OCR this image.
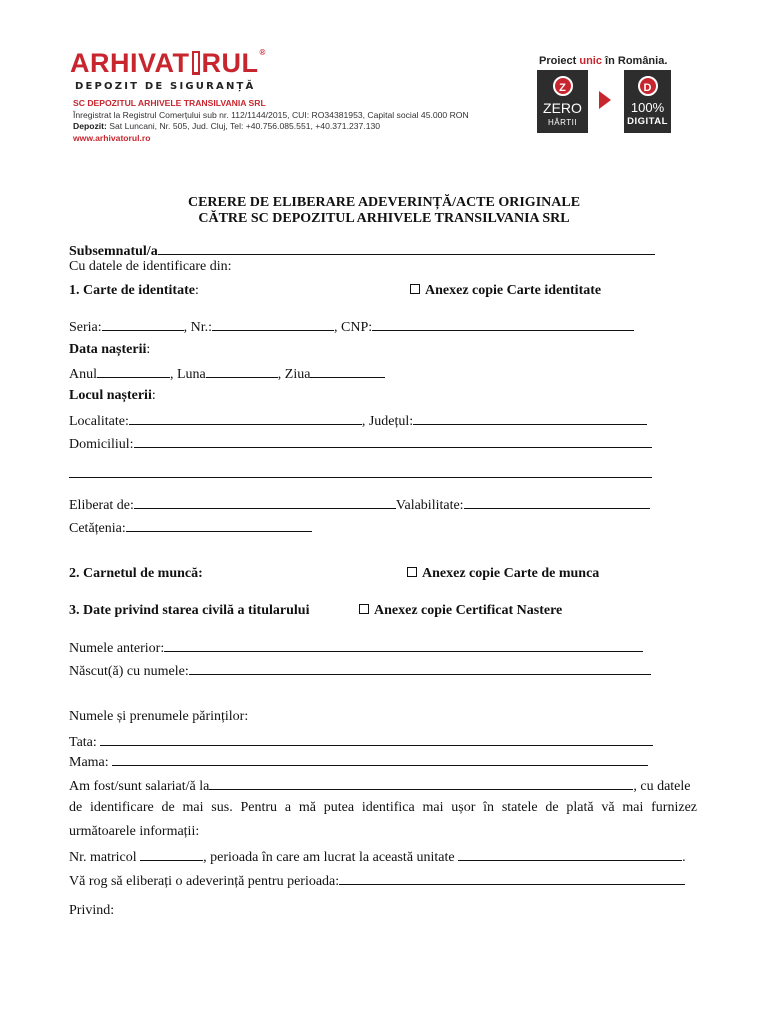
ARHIVAT RUL®
DEPOZIT DE SIGURANȚĂ
SC DEPOZITUL ARHIVELE TRANSILVANIA SRL
Înregistrat la Registrul Comerțului sub nr. 112/1144/2015, CUI: RO34381953, Capital social 45.000 RON
Depozit: Sat Luncani, Nr. 505, Jud. Cluj, Tel: +40.756.085.551, +40.371.237.130
www.arhivatorul.ro
Proiect unic în România.
Z
ZERO
HÂRTII
D
100%
DIGITAL
CERERE DE ELIBERARE ADEVERINȚĂ/ACTE ORIGINALE
CĂTRE SC DEPOZITUL ARHIVELE TRANSILVANIA SRL
Subsemnatul/a
Cu datele de identificare din:
1. Carte de identitate:	Anexez copie Carte identitate
Seria:	, Nr.:	, CNP:
Data nașterii:
Anul	, Luna	, Ziua
Locul nașterii:
Localitate:	, Județul:
Domiciliul:
Eliberat de:	Valabilitate:
Cetățenia:
2. Carnetul de muncă:	Anexez copie Carte de munca
3. Date privind starea civilă a titularului	Anexez copie Certificat Nastere
Numele anterior:
Născut(ă) cu numele:
Numele și prenumele părinților:
Tata:
Mama:
Am fost/sunt salariat/ă la	, cu datele
de identificare de mai sus. Pentru a mă putea identifica mai ușor în statele de plată vă mai furnizez
următoarele informații:
Nr. matricol	, perioada în care am lucrat la această unitate	.
Vă rog să eliberați o adeverință pentru perioada:
Privind:
